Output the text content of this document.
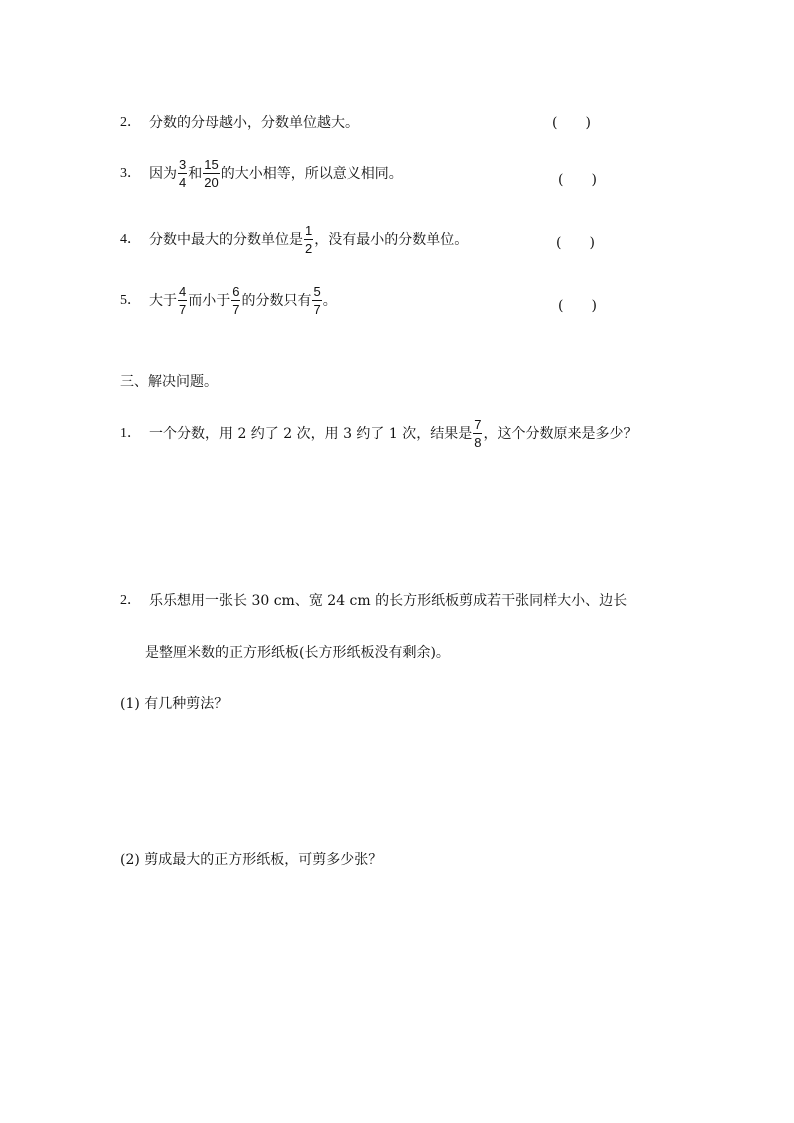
2． 分数的分母越小，分数单位越大。	(　　)
3． 因为 $\frac{3}{4}$ 和 $\frac{15}{20}$ 的大小相等，所以意义相同。	(　　)
4． 分数中最大的分数单位是 $\frac{1}{2}$ ，没有最小的分数单位。	(　　)
5． 大于 $\frac{4}{7}$ 而小于 $\frac{6}{7}$ 的分数只有 $\frac{5}{7}$ 。	(　　)
三、解决问题。
1． 一个分数，用 2 约了 2 次，用 3 约了 1 次，结果是 $\frac{7}{8}$ ，这个分数原来是多少？
2． 乐乐想用一张长 30 cm、宽 24 cm 的长方形纸板剪成若干张同样大小、边长
是整厘米数的正方形纸板(长方形纸板没有剩余)。
(1) 有几种剪法？
(2) 剪成最大的正方形纸板，可剪多少张？
